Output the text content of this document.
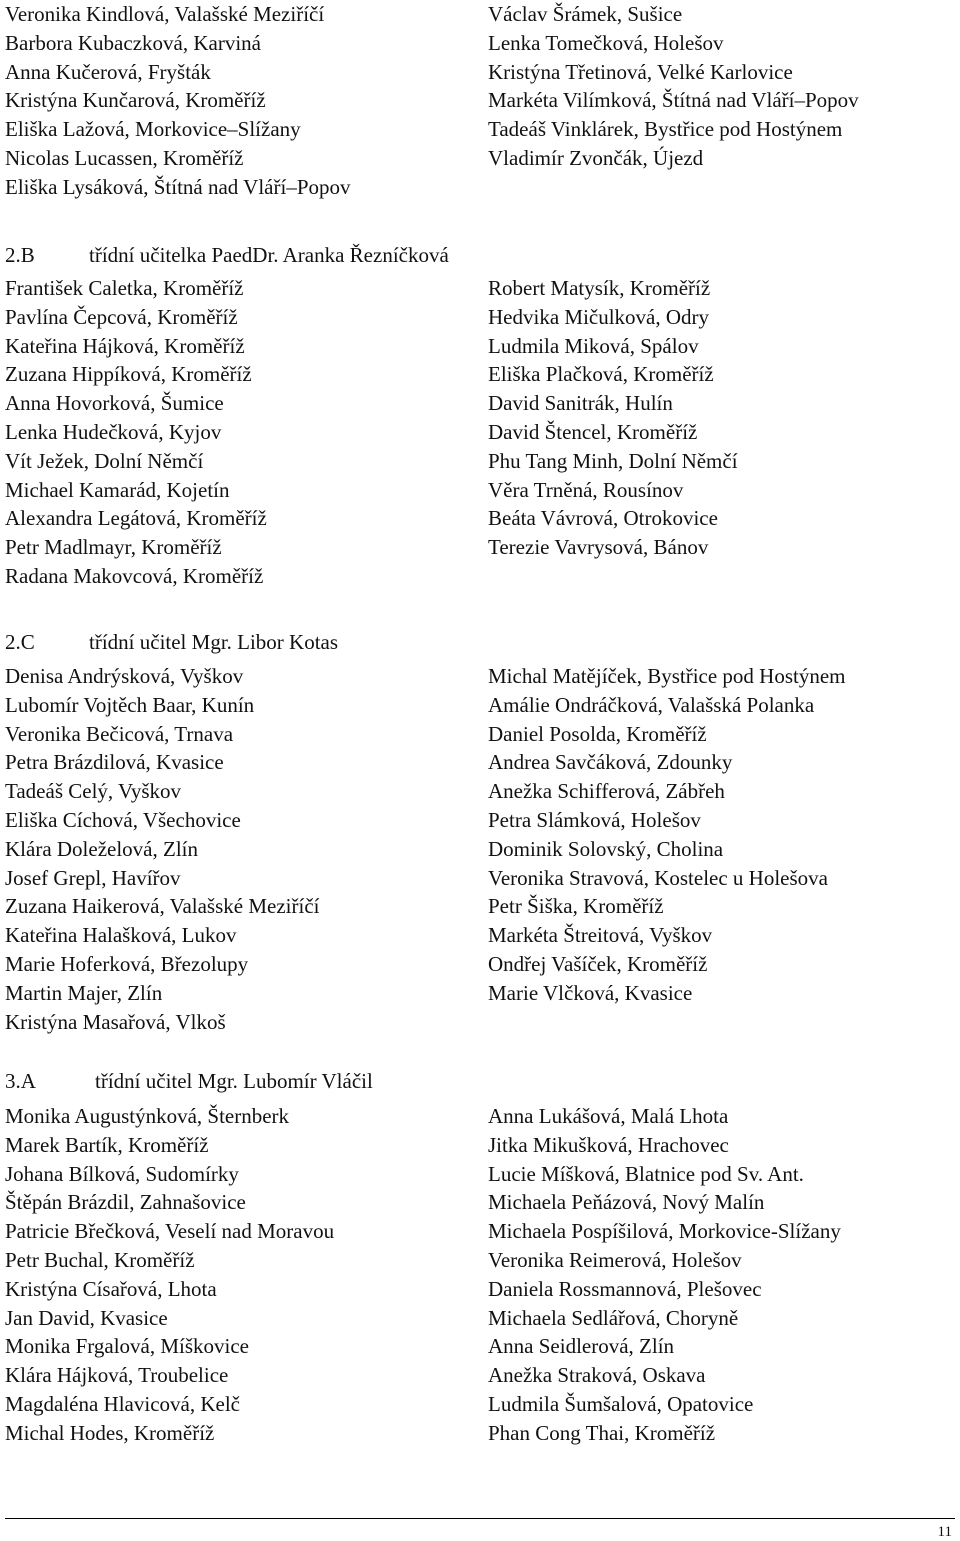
Veronika Kindlová, Valašské Meziříčí
Barbora Kubaczková, Karviná
Anna Kučerová, Fryšták
Kristýna Kunčarová, Kroměříž
Eliška Lažová, Morkovice–Slížany
Nicolas Lucassen, Kroměříž
Eliška Lysáková, Štítná nad Vláří–Popov
Václav Šrámek, Sušice
Lenka Tomečková, Holešov
Kristýna Třetinová, Velké Karlovice
Markéta Vilímková, Štítná nad Vláří–Popov
Tadeáš Vinklárek, Bystřice pod Hostýnem
Vladimír Zvončák, Újezd
2.B	třídní učitelka PaedDr. Aranka Řezníčková
František Caletka, Kroměříž
Pavlína Čepcová, Kroměříž
Kateřina Hájková, Kroměříž
Zuzana Hippíková, Kroměříž
Anna Hovorková, Šumice
Lenka Hudečková, Kyjov
Vít Ježek, Dolní Němčí
Michael Kamarád, Kojetín
Alexandra Legátová, Kroměříž
Petr Madlmayr, Kroměříž
Radana Makovcová, Kroměříž
Robert Matysík, Kroměříž
Hedvika Mičulková, Odry
Ludmila Miková, Spálov
Eliška Plačková, Kroměříž
David Sanitrák, Hulín
David Štencel, Kroměříž
Phu Tang Minh, Dolní Němčí
Věra Trněná, Rousínov
Beáta Vávrová, Otrokovice
Terezie Vavrysová, Bánov
2.C	třídní učitel Mgr. Libor Kotas
Denisa Andrýsková, Vyškov
Lubomír Vojtěch Baar, Kunín
Veronika Bečicová, Trnava
Petra Brázdilová, Kvasice
Tadeáš Celý, Vyškov
Eliška Cíchová, Všechovice
Klára Doleželová, Zlín
Josef Grepl, Havířov
Zuzana Haikerová, Valašské Meziříčí
Kateřina Halašková, Lukov
Marie Hoferková, Březolupy
Martin Majer, Zlín
Kristýna Masařová, Vlkoš
Michal Matějíček, Bystřice pod Hostýnem
Amálie Ondráčková, Valašská Polanka
Daniel Posolda, Kroměříž
Andrea Savčáková, Zdounky
Anežka Schifferová, Zábřeh
Petra Slámková, Holešov
Dominik Solovský, Cholina
Veronika Stravová, Kostelec u Holešova
Petr Šiška, Kroměříž
Markéta Štreitová, Vyškov
Ondřej Vašíček, Kroměříž
Marie Vlčková, Kvasice
3.A	třídní učitel Mgr. Lubomír Vláčil
Monika Augustýnková, Šternberk
Marek Bartík, Kroměříž
Johana Bílková, Sudomírky
Štěpán Brázdil, Zahnašovice
Patricie Břečková, Veselí nad Moravou
Petr Buchal, Kroměříž
Kristýna Císařová, Lhota
Jan David, Kvasice
Monika Frgalová, Míškovice
Klára Hájková, Troubelice
Magdaléna Hlavicová, Kelč
Michal Hodes, Kroměříž
Anna Lukášová, Malá Lhota
Jitka Mikušková, Hrachovec
Lucie Míšková, Blatnice pod Sv. Ant.
Michaela Peňázová, Nový Malín
Michaela Pospíšilová, Morkovice-Slížany
Veronika Reimerová, Holešov
Daniela Rossmannová, Plešovec
Michaela Sedlářová, Choryně
Anna Seidlerová, Zlín
Anežka Straková, Oskava
Ludmila Šumšalová, Opatovice
Phan Cong Thai, Kroměříž
11
